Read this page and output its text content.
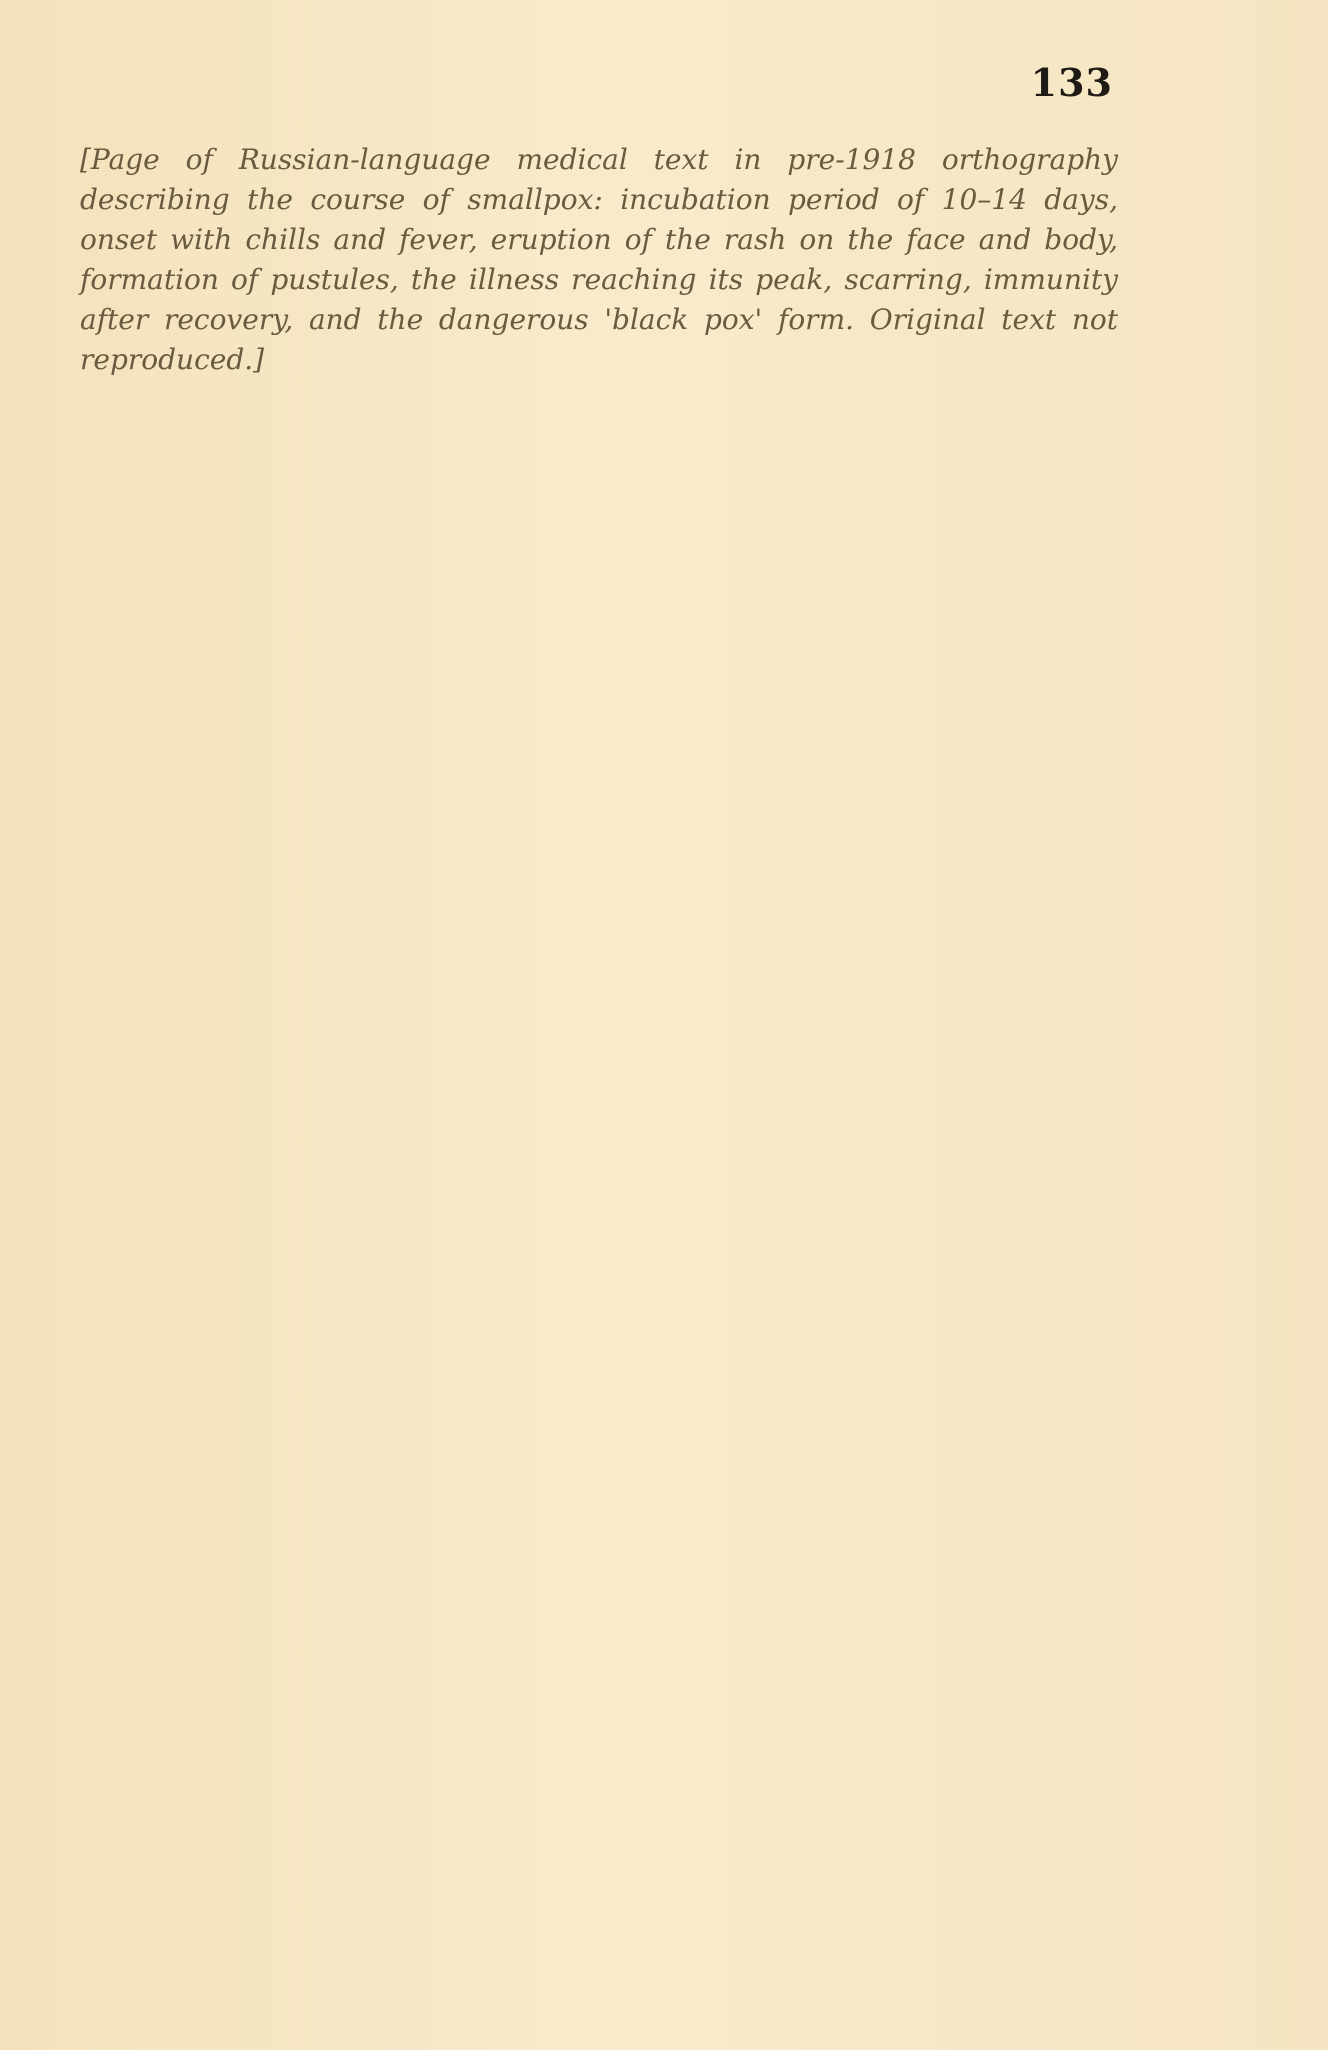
133

[Page of Russian-language medical text in pre-1918 orthography describing the course of smallpox: incubation period of 10–14 days, onset with chills and fever, eruption of the rash on the face and body, formation of pustules, the illness reaching its peak, scarring, immunity after recovery, and the dangerous 'black pox' form. Original text not reproduced.]
